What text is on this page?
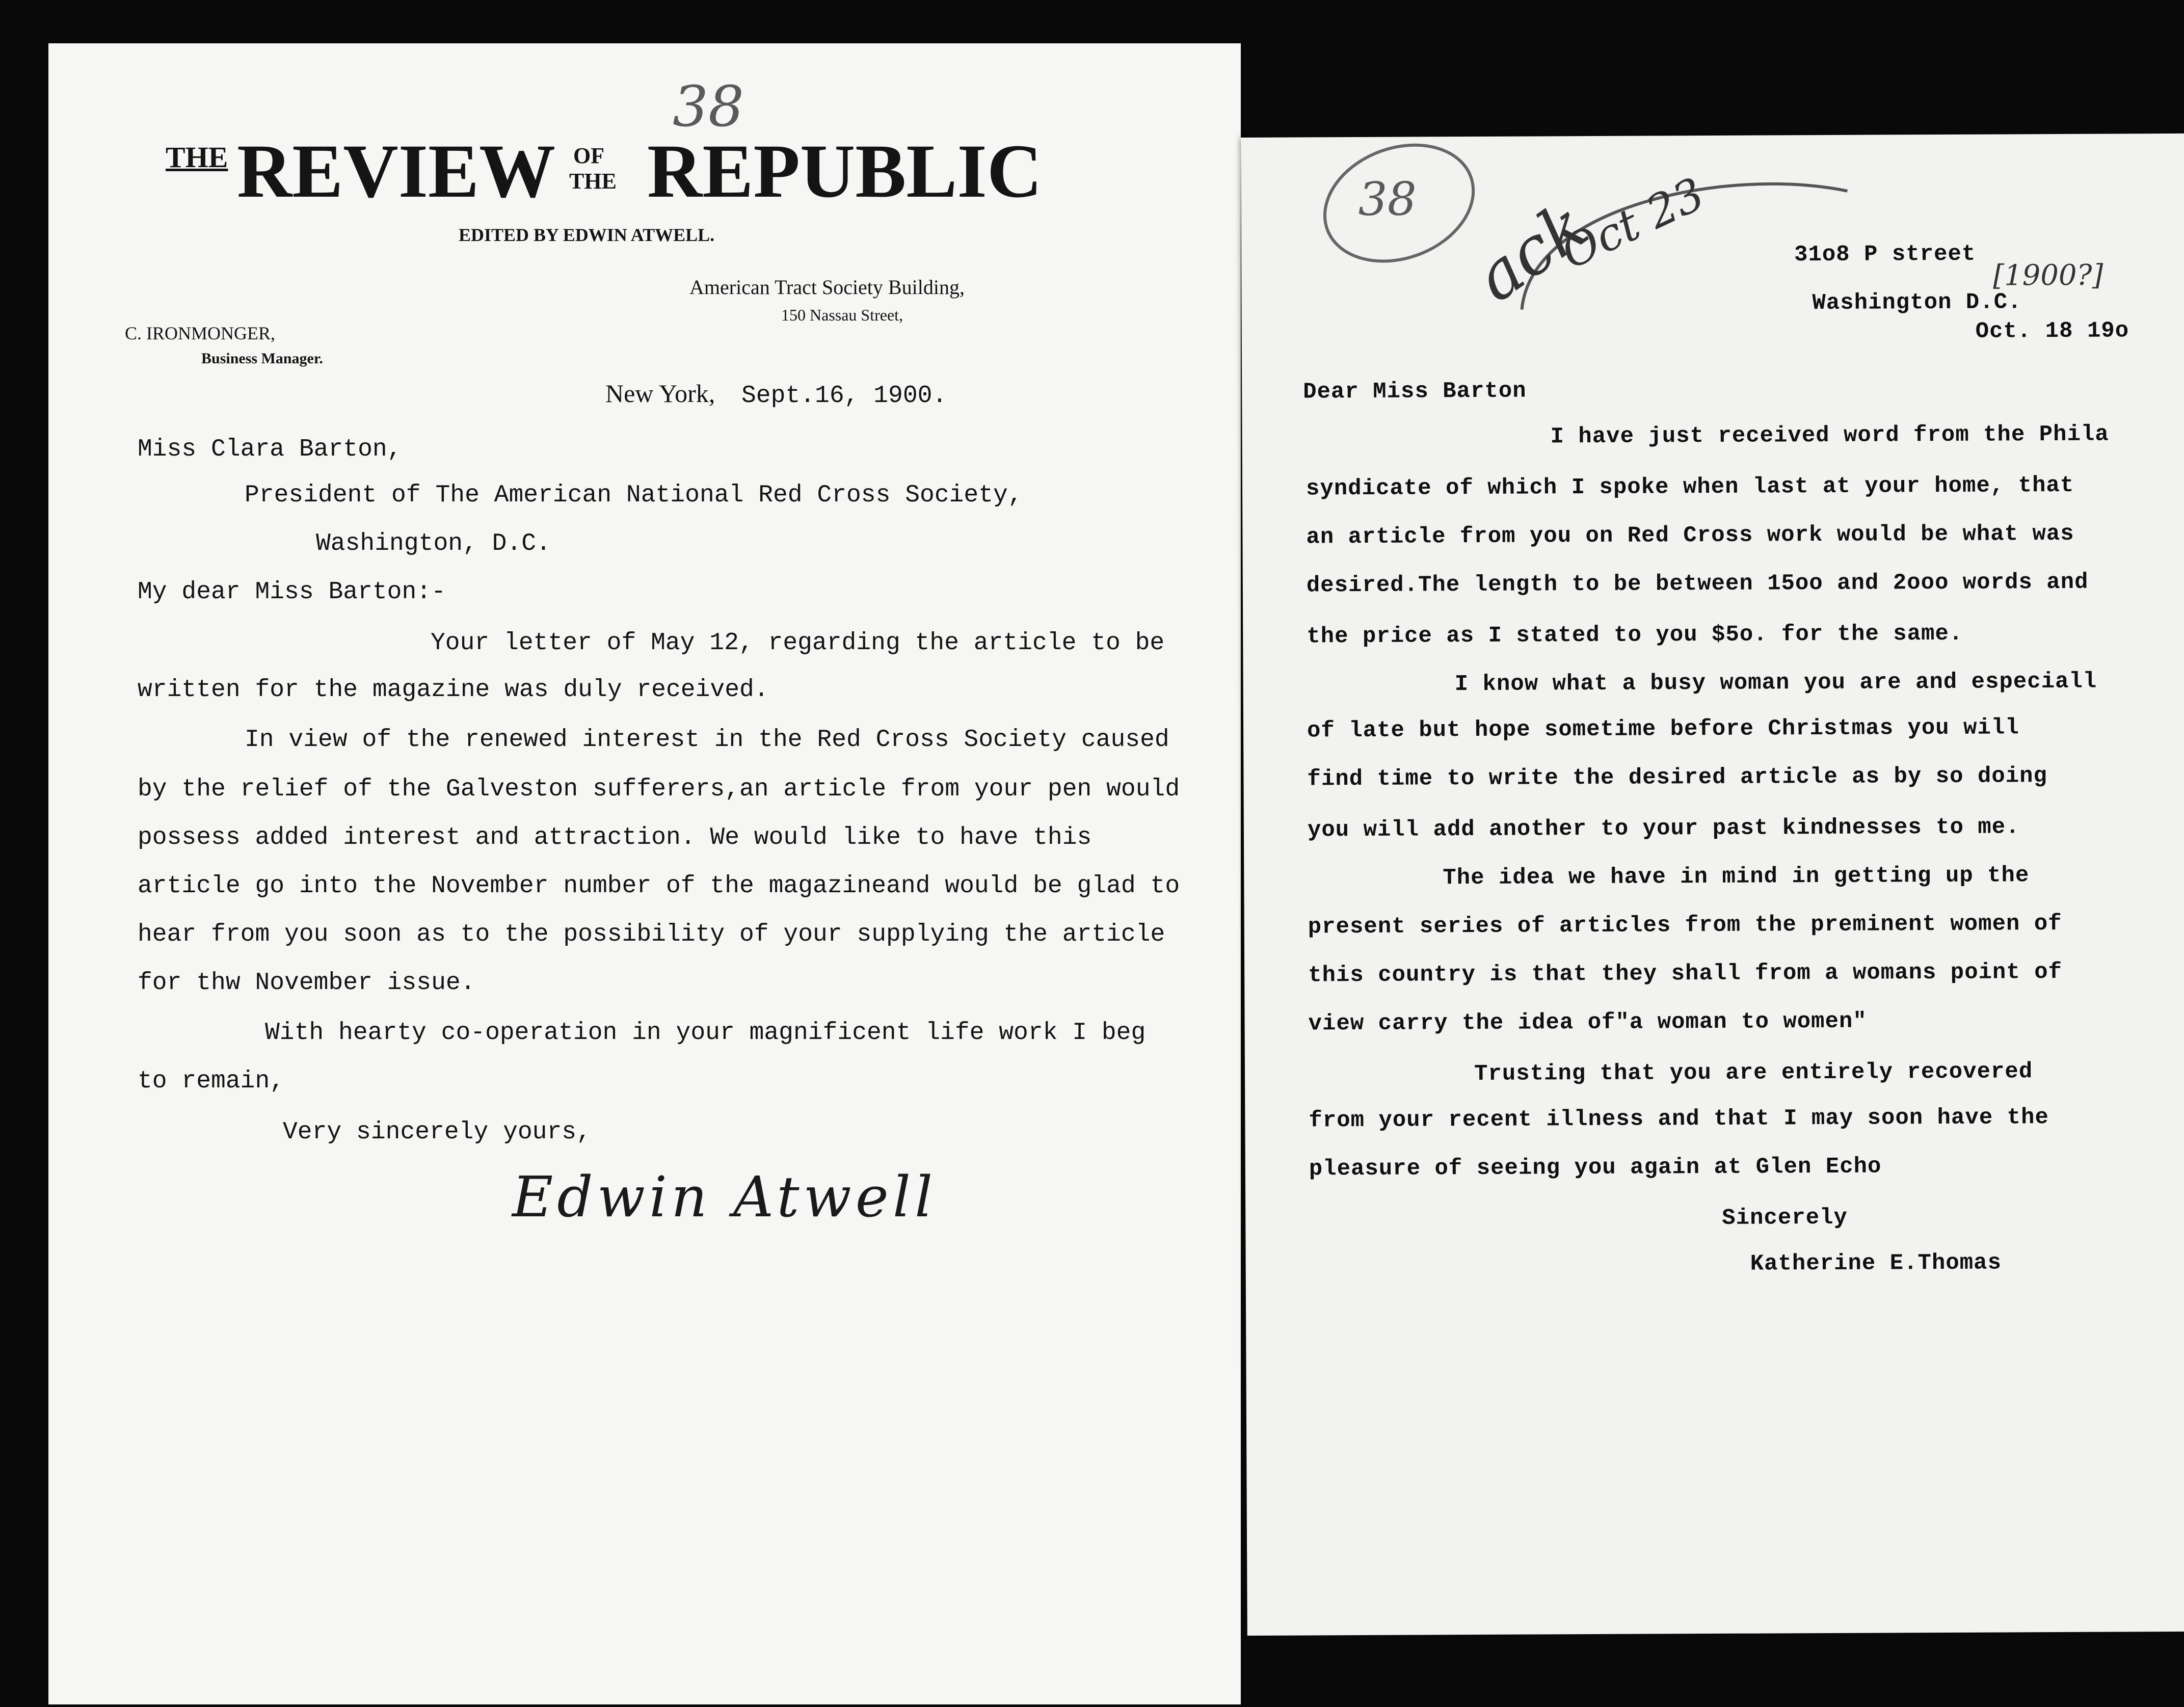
38
THE REVIEW OF
THE REPUBLIC
EDITED BY EDWIN ATWELL.
American Tract Society Building,
150 Nassau Street,
C. IRONMONGER,
Business Manager.
New York, Sept.16, 1900.
Miss Clara Barton,
President of The American National Red Cross Society,
Washington, D.C.
My dear Miss Barton:-
Your letter of May 12, regarding the article to be
written for the magazine was duly received.
In view of the renewed interest in the Red Cross Society caused
by the relief of the Galveston sufferers,an article from your pen would
possess added interest and attraction. We would like to have this
article go into the November number of the magazineand would be glad to
hear from you soon as to the possibility of your supplying the article
for thw November issue.
With hearty co-operation in your magnificent life work I beg
to remain,
Very sincerely yours,
Edwin Atwell
38 ack
Oct 23	31o8 P street
[1900?]
Washington D.C.
Oct. 18 19o
Dear Miss Barton
I have just received word from the Phila
syndicate of which I spoke when last at your home, that
an article from you on Red Cross work would be what was
desired.The length to be between 15oo and 2ooo words and
the price as I stated to you $5o. for the same.
I know what a busy woman you are and especiall
of late but hope sometime before Christmas you will
find time to write the desired article as by so doing
you will add another to your past kindnesses to me.
The idea we have in mind in getting up the
present series of articles from the preminent women of
this country is that they shall from a womans point of
view carry the idea of"a woman to women"
Trusting that you are entirely recovered
from your recent illness and that I may soon have the
pleasure of seeing you again at Glen Echo
Sincerely
Katherine E.Thomas
